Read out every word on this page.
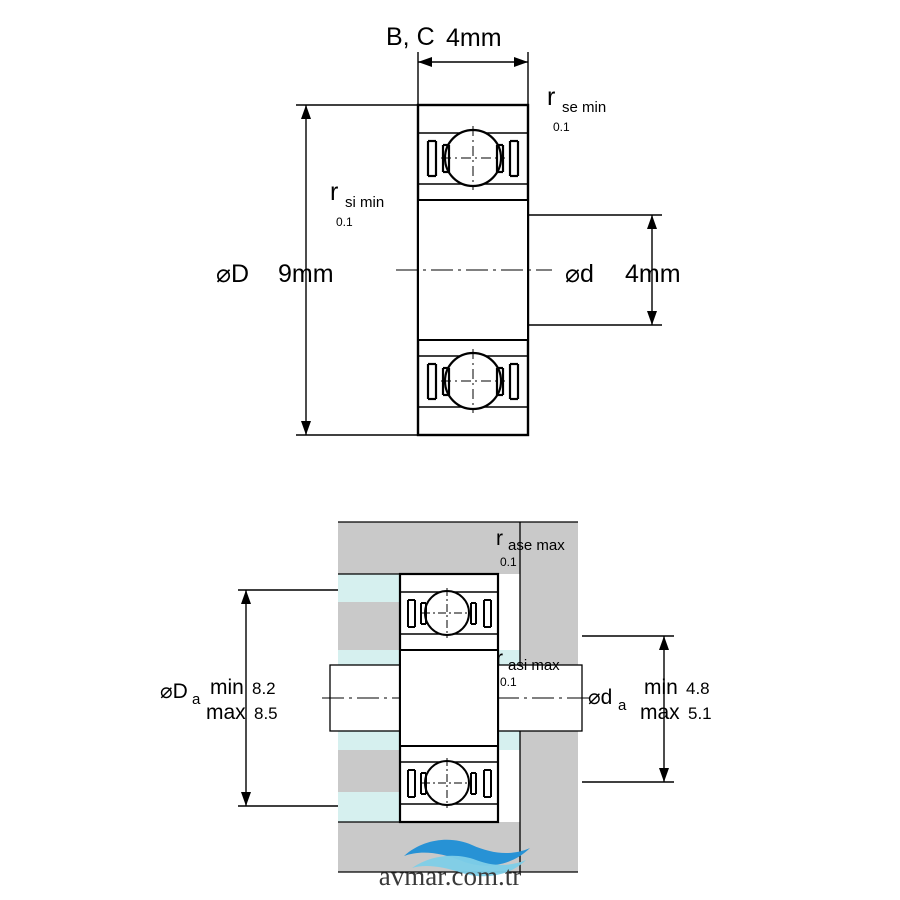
B, C 4mm
⌀D 9mm	⌀d 4mm
r se min
0.1
r si min
0.1
⌀D a
min 8.2
max 8.5
⌀d a
min 4.8
max 5.1
r ase max
0.1
r asi max
0.1
avmar.com.tr
